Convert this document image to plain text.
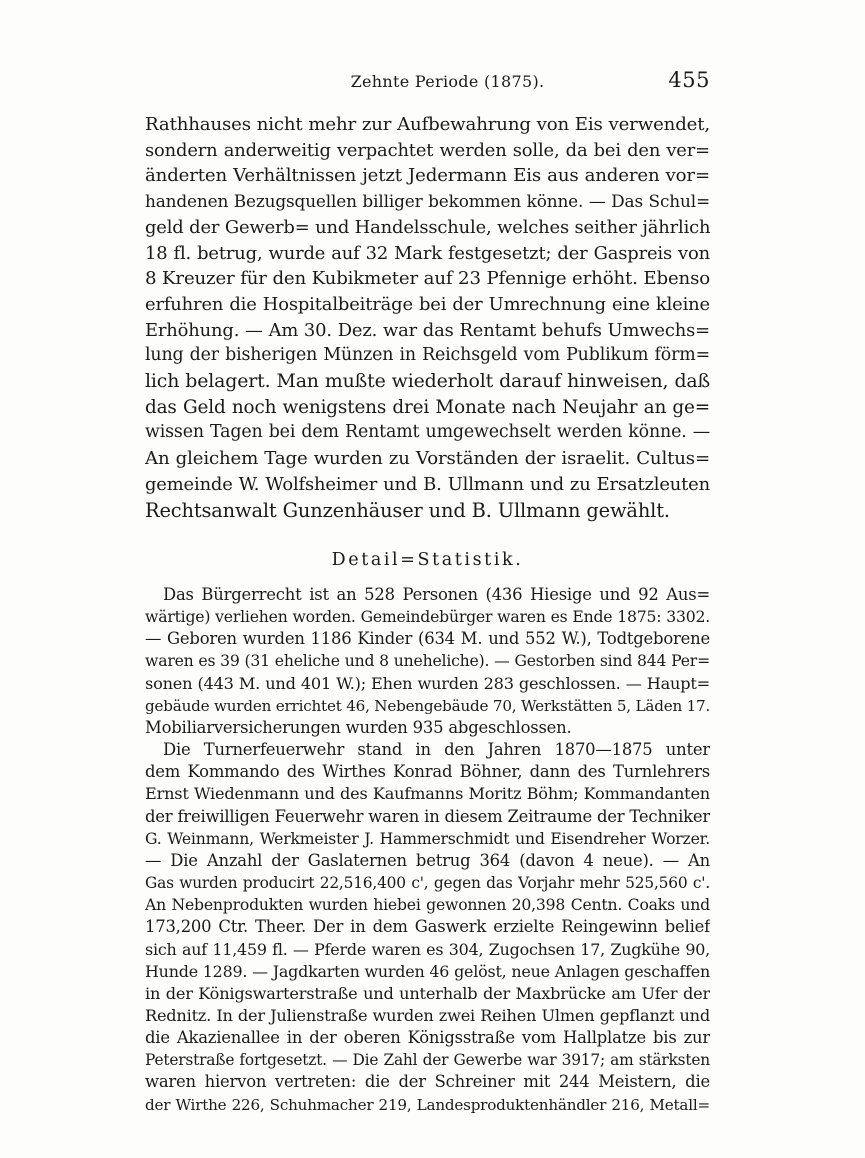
Zehnte Periode (1875).	455
Rathhauses nicht mehr zur Aufbewahrung von Eis verwendet,
sondern anderweitig verpachtet werden solle, da bei den ver=
änderten Verhältnissen jetzt Jedermann Eis aus anderen vor=
handenen Bezugsquellen billiger bekommen könne. — Das Schul=
geld der Gewerb= und Handelsschule, welches seither jährlich
18 fl. betrug, wurde auf 32 Mark festgesetzt; der Gaspreis von
8 Kreuzer für den Kubikmeter auf 23 Pfennige erhöht. Ebenso
erfuhren die Hospitalbeiträge bei der Umrechnung eine kleine
Erhöhung. — Am 30. Dez. war das Rentamt behufs Umwechs=
lung der bisherigen Münzen in Reichsgeld vom Publikum förm=
lich belagert. Man mußte wiederholt darauf hinweisen, daß
das Geld noch wenigstens drei Monate nach Neujahr an ge=
wissen Tagen bei dem Rentamt umgewechselt werden könne. —
An gleichem Tage wurden zu Vorständen der israelit. Cultus=
gemeinde W. Wolfsheimer und B. Ullmann und zu Ersatzleuten
Rechtsanwalt Gunzenhäuser und B. Ullmann gewählt.
Detail=Statistik.
Das Bürgerrecht ist an 528 Personen (436 Hiesige und 92 Aus=
wärtige) verliehen worden. Gemeindebürger waren es Ende 1875: 3302.
— Geboren wurden 1186 Kinder (634 M. und 552 W.), Todtgeborene
waren es 39 (31 eheliche und 8 uneheliche). — Gestorben sind 844 Per=
sonen (443 M. und 401 W.); Ehen wurden 283 geschlossen. — Haupt=
gebäude wurden errichtet 46, Nebengebäude 70, Werkstätten 5, Läden 17.
Mobiliarversicherungen wurden 935 abgeschlossen.
Die Turnerfeuerwehr stand in den Jahren 1870—1875 unter
dem Kommando des Wirthes Konrad Böhner, dann des Turnlehrers
Ernst Wiedenmann und des Kaufmanns Moritz Böhm; Kommandanten
der freiwilligen Feuerwehr waren in diesem Zeitraume der Techniker
G. Weinmann, Werkmeister J. Hammerschmidt und Eisendreher Worzer.
— Die Anzahl der Gaslaternen betrug 364 (davon 4 neue). — An
Gas wurden producirt 22,516,400 c', gegen das Vorjahr mehr 525,560 c'.
An Nebenprodukten wurden hiebei gewonnen 20,398 Centn. Coaks und
173,200 Ctr. Theer. Der in dem Gaswerk erzielte Reingewinn belief
sich auf 11,459 fl. — Pferde waren es 304, Zugochsen 17, Zugkühe 90,
Hunde 1289. — Jagdkarten wurden 46 gelöst, neue Anlagen geschaffen
in der Königswarterstraße und unterhalb der Maxbrücke am Ufer der
Rednitz. In der Julienstraße wurden zwei Reihen Ulmen gepflanzt und
die Akazienallee in der oberen Königsstraße vom Hallplatze bis zur
Peterstraße fortgesetzt. — Die Zahl der Gewerbe war 3917; am stärksten
waren hiervon vertreten: die der Schreiner mit 244 Meistern, die
der Wirthe 226, Schuhmacher 219, Landesproduktenhändler 216, Metall=
